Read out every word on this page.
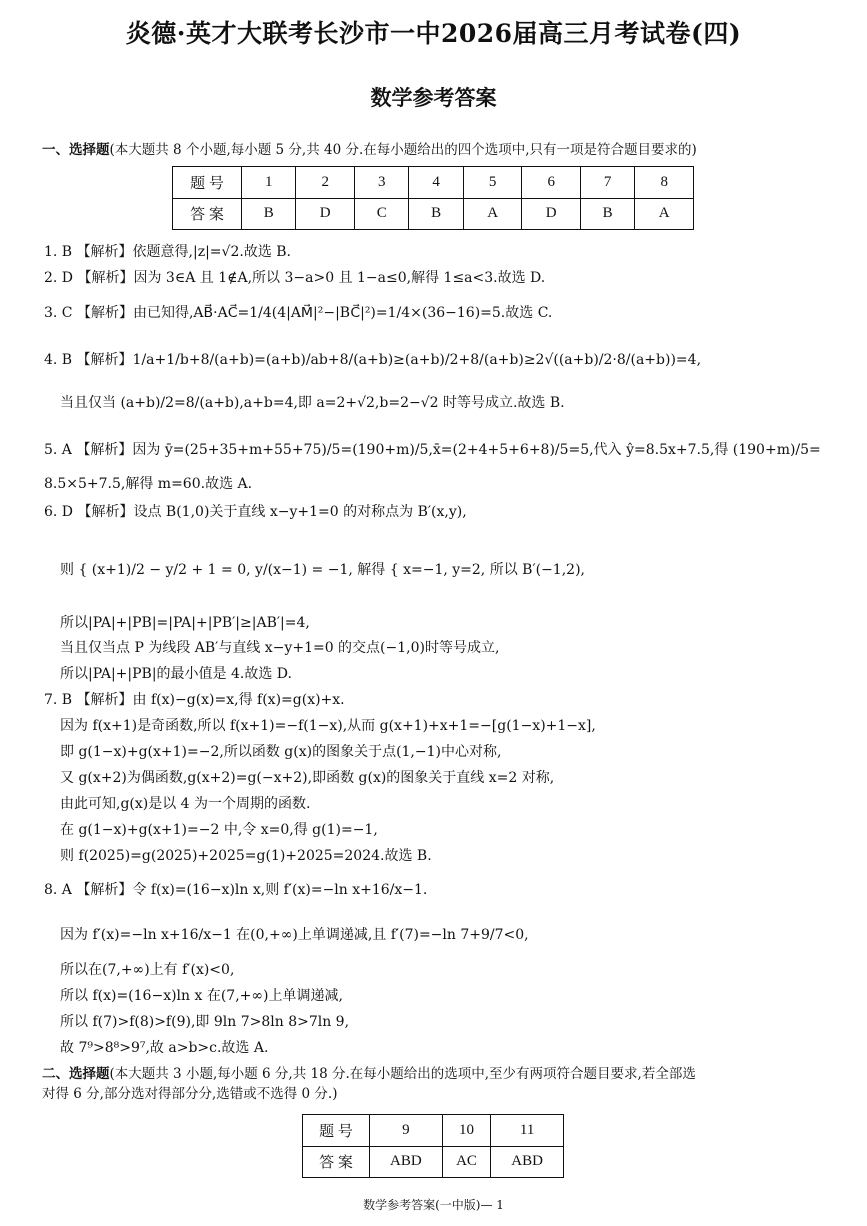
炎德·英才大联考长沙市一中2026届高三月考试卷(四)
数学参考答案
一、选择题(本大题共 8 个小题,每小题 5 分,共 40 分.在每小题给出的四个选项中,只有一项是符合题目要求的)
题 号	1	2	3	4	5	6	7	8
答 案	B	D	C	B	A	D	B	A
1. B 【解析】依题意得,|z|=√2.故选 B.
2. D 【解析】因为 3∈A 且 1∉A,所以 3−a>0 且 1−a≤0,解得 1≤a<3.故选 D.
3. C 【解析】由已知得,AB⃗·AC⃗=1/4(4|AM⃗|²−|BC⃗|²)=1/4×(36−16)=5.故选 C.
4. B 【解析】1/a+1/b+8/(a+b)=(a+b)/ab+8/(a+b)≥(a+b)/2+8/(a+b)≥2√((a+b)/2·8/(a+b))=4,
当且仅当 (a+b)/2=8/(a+b),a+b=4,即 a=2+√2,b=2−√2 时等号成立.故选 B.
5. A 【解析】因为 ȳ=(25+35+m+55+75)/5=(190+m)/5,x̄=(2+4+5+6+8)/5=5,代入 ŷ=8.5x+7.5,得 (190+m)/5=
8.5×5+7.5,解得 m=60.故选 A.
6. D 【解析】设点 B(1,0)关于直线 x−y+1=0 的对称点为 B′(x,y),
则 { (x+1)/2 − y/2 + 1 = 0, y/(x−1) = −1, 解得 { x=−1, y=2, 所以 B′(−1,2),
所以|PA|+|PB|=|PA|+|PB′|≥|AB′|=4,
当且仅当点 P 为线段 AB′与直线 x−y+1=0 的交点(−1,0)时等号成立,
所以|PA|+|PB|的最小值是 4.故选 D.
7. B 【解析】由 f(x)−g(x)=x,得 f(x)=g(x)+x.
因为 f(x+1)是奇函数,所以 f(x+1)=−f(1−x),从而 g(x+1)+x+1=−[g(1−x)+1−x],
即 g(1−x)+g(x+1)=−2,所以函数 g(x)的图象关于点(1,−1)中心对称,
又 g(x+2)为偶函数,g(x+2)=g(−x+2),即函数 g(x)的图象关于直线 x=2 对称,
由此可知,g(x)是以 4 为一个周期的函数.
在 g(1−x)+g(x+1)=−2 中,令 x=0,得 g(1)=−1,
则 f(2025)=g(2025)+2025=g(1)+2025=2024.故选 B.
8. A 【解析】令 f(x)=(16−x)ln x,则 f′(x)=−ln x+16/x−1.
因为 f′(x)=−ln x+16/x−1 在(0,+∞)上单调递减,且 f′(7)=−ln 7+9/7<0,
所以在(7,+∞)上有 f′(x)<0,
所以 f(x)=(16−x)ln x 在(7,+∞)上单调递减,
所以 f(7)>f(8)>f(9),即 9ln 7>8ln 8>7ln 9,
故 7⁹>8⁸>9⁷,故 a>b>c.故选 A.
二、选择题(本大题共 3 小题,每小题 6 分,共 18 分.在每小题给出的选项中,至少有两项符合题目要求,若全部选
对得 6 分,部分选对得部分分,选错或不选得 0 分.)
题 号	9	10	11
答 案	ABD	AC	ABD
数学参考答案(一中版)— 1
